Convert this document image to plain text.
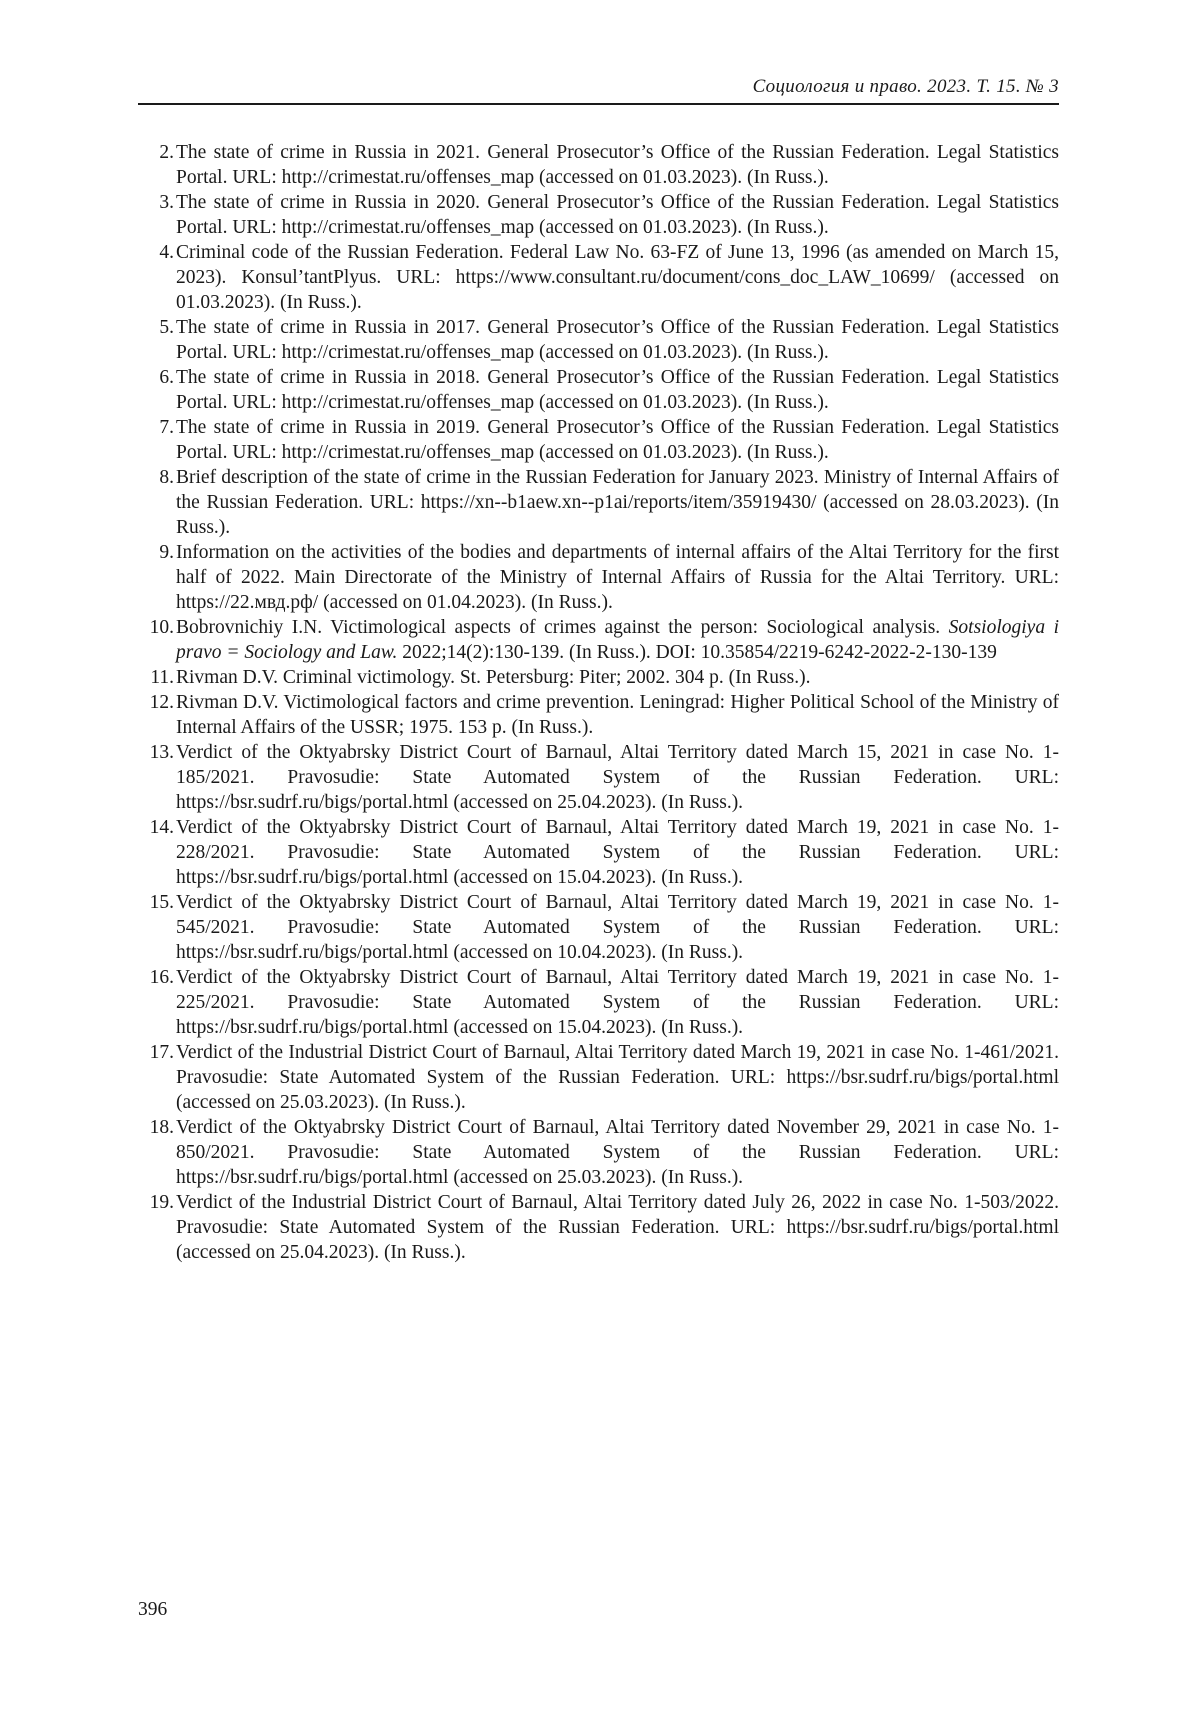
Социология и право. 2023. Т. 15. № 3
2. The state of crime in Russia in 2021. General Prosecutor’s Office of the Russian Federation. Legal Statistics Portal. URL: http://crimestat.ru/offenses_map (accessed on 01.03.2023). (In Russ.).
3. The state of crime in Russia in 2020. General Prosecutor’s Office of the Russian Federation. Legal Statistics Portal. URL: http://crimestat.ru/offenses_map (accessed on 01.03.2023). (In Russ.).
4. Criminal code of the Russian Federation. Federal Law No. 63-FZ of June 13, 1996 (as amended on March 15, 2023). Konsul’tantPlyus. URL: https://www.consultant.ru/document/cons_doc_LAW_10699/ (accessed on 01.03.2023). (In Russ.).
5. The state of crime in Russia in 2017. General Prosecutor’s Office of the Russian Federation. Legal Statistics Portal. URL: http://crimestat.ru/offenses_map (accessed on 01.03.2023). (In Russ.).
6. The state of crime in Russia in 2018. General Prosecutor’s Office of the Russian Federation. Legal Statistics Portal. URL: http://crimestat.ru/offenses_map (accessed on 01.03.2023). (In Russ.).
7. The state of crime in Russia in 2019. General Prosecutor’s Office of the Russian Federation. Legal Statistics Portal. URL: http://crimestat.ru/offenses_map (accessed on 01.03.2023). (In Russ.).
8. Brief description of the state of crime in the Russian Federation for January 2023. Ministry of Internal Affairs of the Russian Federation. URL: https://xn--b1aew.xn--p1ai/reports/item/35919430/ (accessed on 28.03.2023). (In Russ.).
9. Information on the activities of the bodies and departments of internal affairs of the Altai Territory for the first half of 2022. Main Directorate of the Ministry of Internal Affairs of Russia for the Altai Territory. URL: https://22.мвд.рф/ (accessed on 01.04.2023). (In Russ.).
10. Bobrovnichiy I.N. Victimological aspects of crimes against the person: Sociological analysis. Sotsiologiya i pravo = Sociology and Law. 2022;14(2):130-139. (In Russ.). DOI: 10.35854/2219-6242-2022-2-130-139
11. Rivman D.V. Criminal victimology. St. Petersburg: Piter; 2002. 304 p. (In Russ.).
12. Rivman D.V. Victimological factors and crime prevention. Leningrad: Higher Political School of the Ministry of Internal Affairs of the USSR; 1975. 153 p. (In Russ.).
13. Verdict of the Oktyabrsky District Court of Barnaul, Altai Territory dated March 15, 2021 in case No. 1-185/2021. Pravosudie: State Automated System of the Russian Federation. URL: https://bsr.sudrf.ru/bigs/portal.html (accessed on 25.04.2023). (In Russ.).
14. Verdict of the Oktyabrsky District Court of Barnaul, Altai Territory dated March 19, 2021 in case No. 1-228/2021. Pravosudie: State Automated System of the Russian Federation. URL: https://bsr.sudrf.ru/bigs/portal.html (accessed on 15.04.2023). (In Russ.).
15. Verdict of the Oktyabrsky District Court of Barnaul, Altai Territory dated March 19, 2021 in case No. 1-545/2021. Pravosudie: State Automated System of the Russian Federation. URL: https://bsr.sudrf.ru/bigs/portal.html (accessed on 10.04.2023). (In Russ.).
16. Verdict of the Oktyabrsky District Court of Barnaul, Altai Territory dated March 19, 2021 in case No. 1-225/2021. Pravosudie: State Automated System of the Russian Federation. URL: https://bsr.sudrf.ru/bigs/portal.html (accessed on 15.04.2023). (In Russ.).
17. Verdict of the Industrial District Court of Barnaul, Altai Territory dated March 19, 2021 in case No. 1-461/2021. Pravosudie: State Automated System of the Russian Federation. URL: https://bsr.sudrf.ru/bigs/portal.html (accessed on 25.03.2023). (In Russ.).
18. Verdict of the Oktyabrsky District Court of Barnaul, Altai Territory dated November 29, 2021 in case No. 1-850/2021. Pravosudie: State Automated System of the Russian Federation. URL: https://bsr.sudrf.ru/bigs/portal.html (accessed on 25.03.2023). (In Russ.).
19. Verdict of the Industrial District Court of Barnaul, Altai Territory dated July 26, 2022 in case No. 1-503/2022. Pravosudie: State Automated System of the Russian Federation. URL: https://bsr.sudrf.ru/bigs/portal.html (accessed on 25.04.2023). (In Russ.).
396
